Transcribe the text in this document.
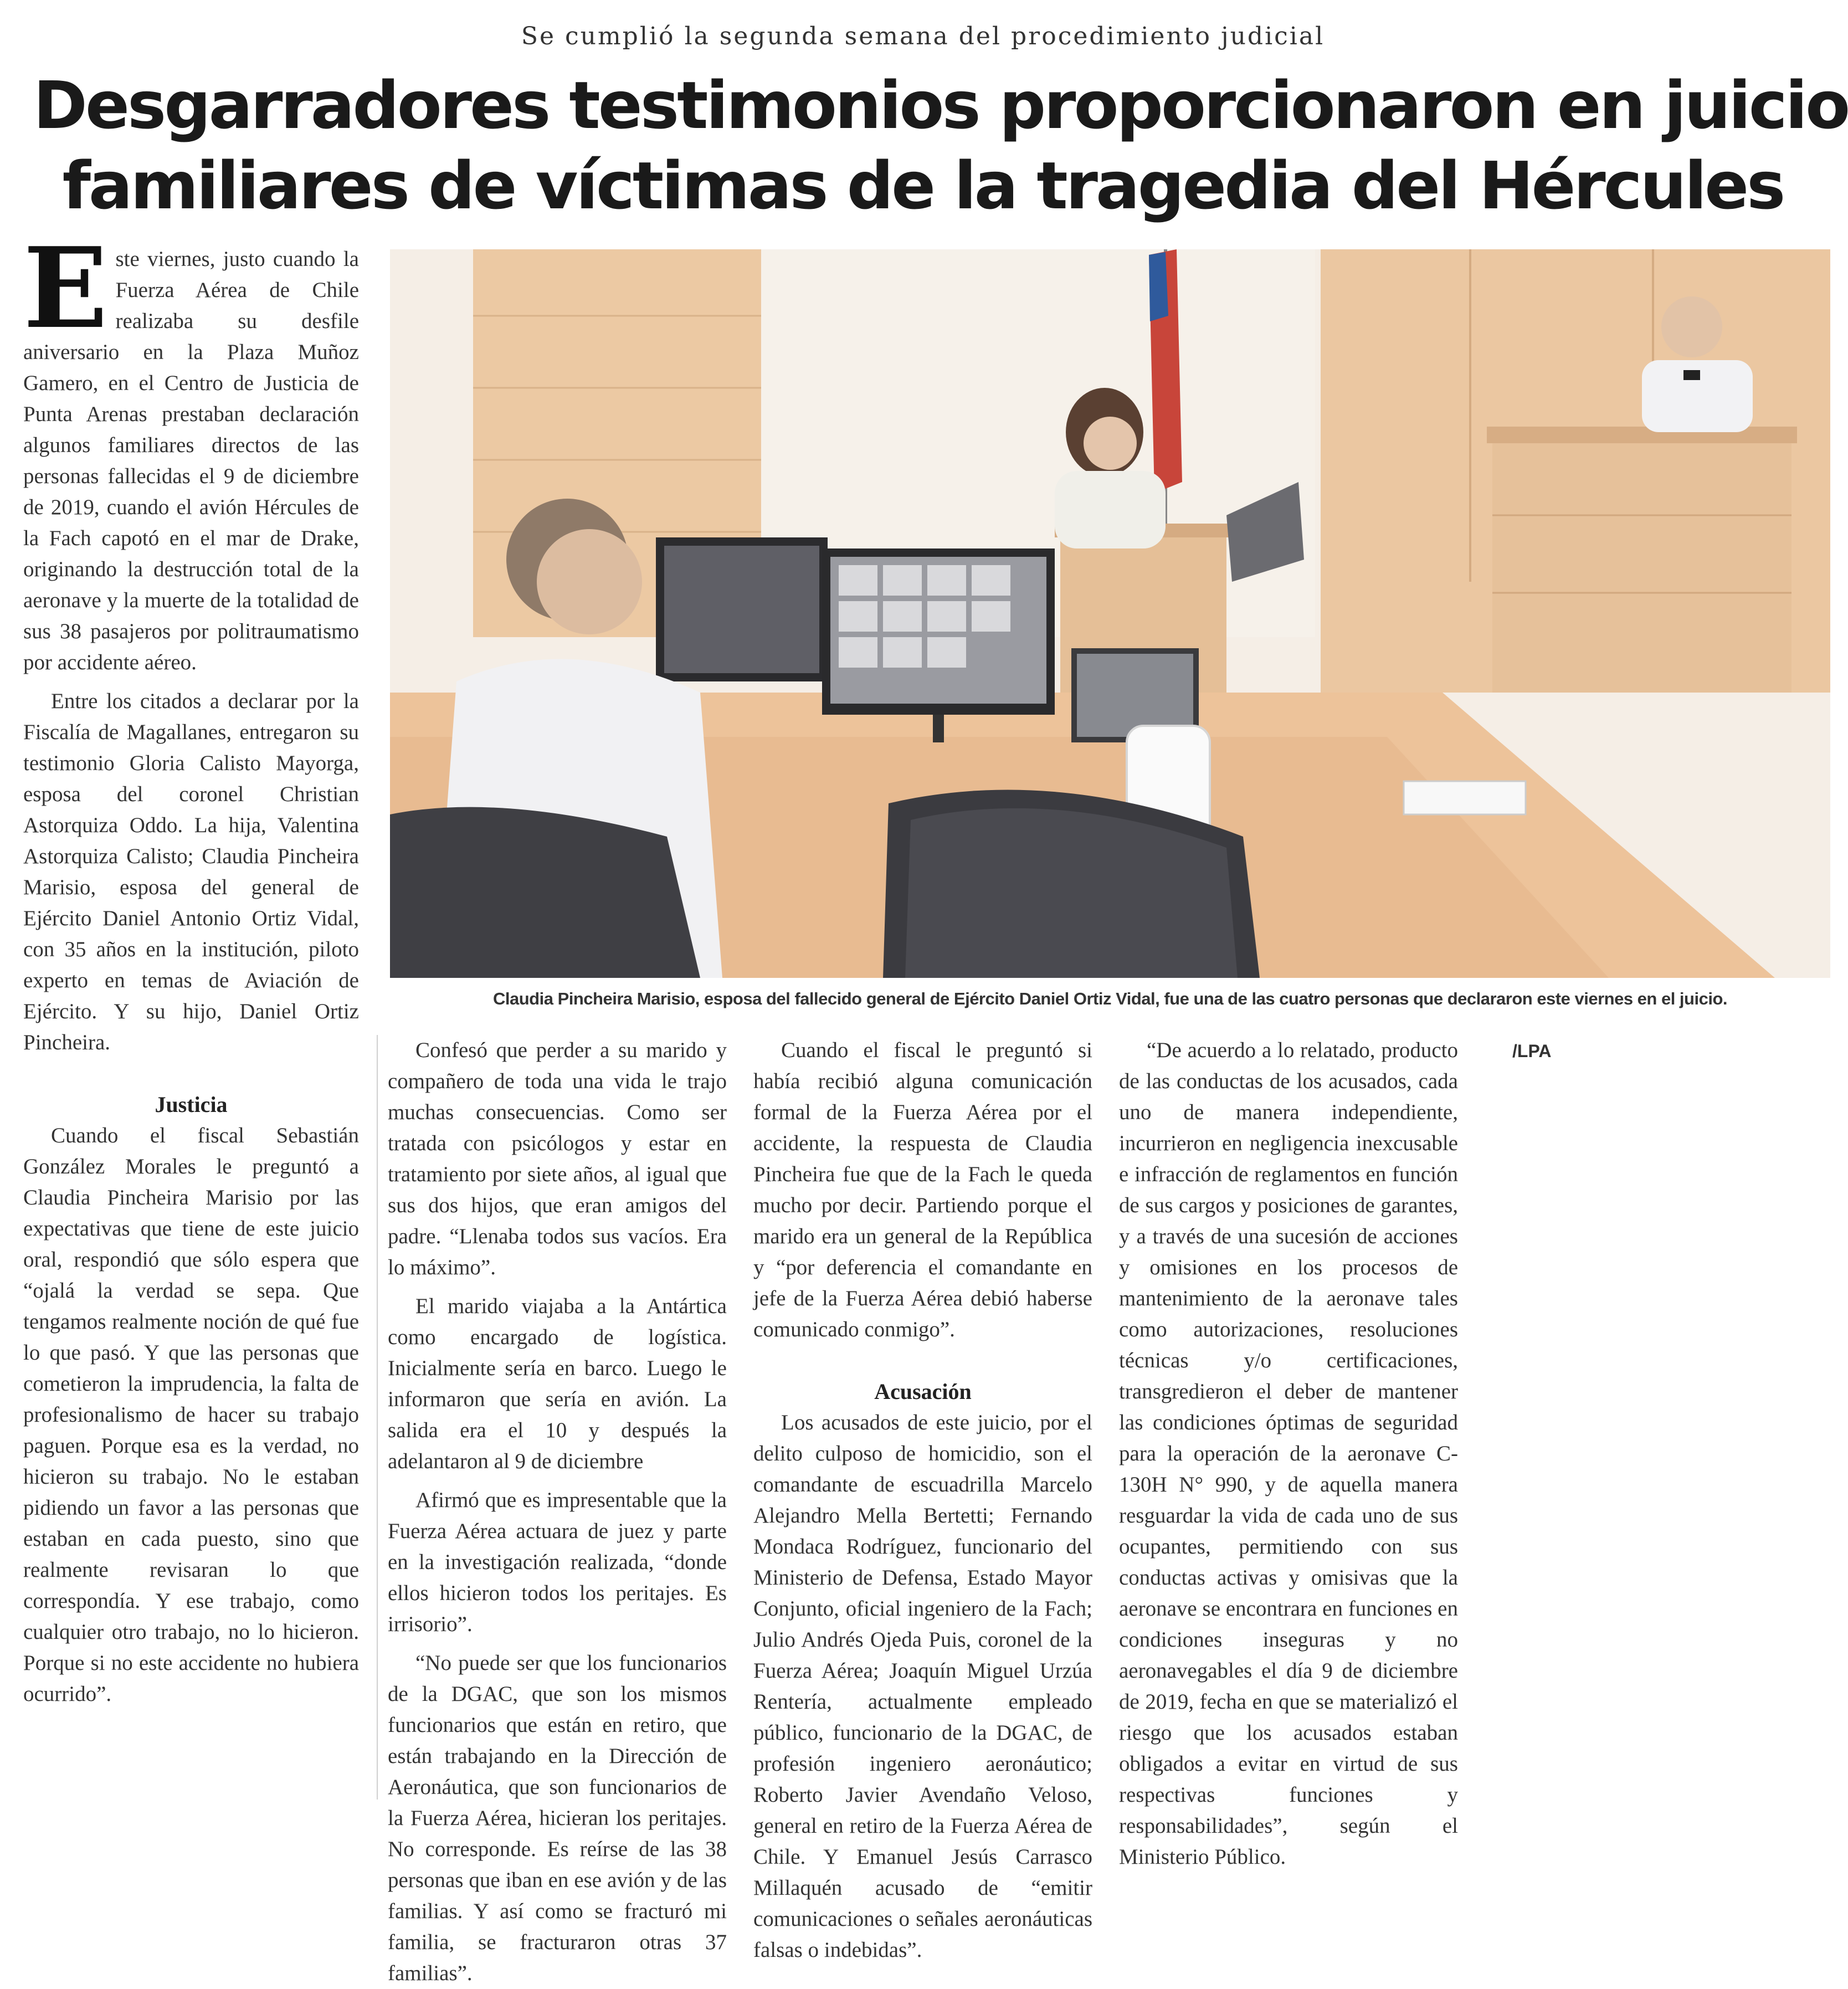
Se cumplió la segunda semana del procedimiento judicial
Desgarradores testimonios proporcionaron en juicio
familiares de víctimas de la tragedia del Hércules
E ste viernes, justo cuando la Fuerza Aérea de Chile realizaba su desfile aniversario en la Plaza Muñoz Gamero, en el Centro de Justicia de Punta Arenas prestaban declaración algunos familiares directos de las personas fallecidas el 9 de diciembre de 2019, cuando el avión Hércules de la Fach capotó en el mar de Drake, originando la destrucción total de la aeronave y la muerte de la totalidad de sus 38 pasajeros por politraumatismo por accidente aéreo.

Entre los citados a declarar por la Fiscalía de Magallanes, entregaron su testimonio Gloria Calisto Mayorga, esposa del coronel Christian Astorquiza Oddo. La hija, Valentina Astorquiza Calisto; Claudia Pincheira Marisio, esposa del general de Ejército Daniel Antonio Ortiz Vidal, con 35 años en la institución, piloto experto en temas de Aviación de Ejército. Y su hijo, Daniel Ortiz Pincheira.

Justicia

Cuando el fiscal Sebastián González Morales le preguntó a Claudia Pincheira Marisio por las expectativas que tiene de este juicio oral, respondió que sólo espera que “ojalá la verdad se sepa. Que tengamos realmente noción de qué fue lo que pasó. Y que las personas que cometieron la imprudencia, la falta de profesionalismo de hacer su trabajo paguen. Porque esa es la verdad, no hicieron su trabajo. No le estaban pidiendo un favor a las personas que estaban en cada puesto, sino que realmente revisaran lo que correspondía. Y ese trabajo, como cualquier otro trabajo, no lo hicieron. Porque si no este accidente no hubiera ocurrido”.

Claudia Pincheira Marisio, esposa del fallecido general de Ejército Daniel Ortiz Vidal, fue una de las cuatro personas que declararon este viernes en el juicio.

Confesó que perder a su marido y compañero de toda una vida le trajo muchas consecuencias. Como ser tratada con psicólogos y estar en tratamiento por siete años, al igual que sus dos hijos, que eran amigos del padre. “Llenaba todos sus vacíos. Era lo máximo”.

El marido viajaba a la Antártica como encargado de logística. Inicialmente sería en barco. Luego le informaron que sería en avión. La salida era el 10 y después la adelantaron al 9 de diciembre

Afirmó que es impresentable que la Fuerza Aérea actuara de juez y parte en la investigación realizada, “donde ellos hicieron todos los peritajes. Es irrisorio”.

“No puede ser que los funcionarios de la DGAC, que son los mismos funcionarios que están en retiro, que están trabajando en la Dirección de Aeronáutica, que son funcionarios de la Fuerza Aérea, hicieran los peritajes. No corresponde. Es reírse de las 38 personas que iban en ese avión y de las familias. Y así como se fracturó mi familia, se fracturaron otras 37 familias”.

Cuando el fiscal le preguntó si había recibió alguna comunicación formal de la Fuerza Aérea por el accidente, la respuesta de Claudia Pincheira fue que de la Fach le queda mucho por decir. Partiendo porque el marido era un general de la República y “por deferencia el comandante en jefe de la Fuerza Aérea debió haberse comunicado conmigo”.

Acusación

Los acusados de este juicio, por el delito culposo de homicidio, son el comandante de escuadrilla Marcelo Alejandro Mella Bertetti; Fernando Mondaca Rodríguez, funcionario del Ministerio de Defensa, Estado Mayor Conjunto, oficial ingeniero de la Fach; Julio Andrés Ojeda Puis, coronel de la Fuerza Aérea; Joaquín Miguel Urzúa Rentería, actualmente empleado público, funcionario de la DGAC, de profesión ingeniero aeronáutico; Roberto Javier Avendaño Veloso, general en retiro de la Fuerza Aérea de Chile. Y Emanuel Jesús Carrasco Millaquén acusado de “emitir comunicaciones o señales aeronáuticas falsas o indebidas”.

“De acuerdo a lo relatado, producto de las conductas de los acusados, cada uno de manera independiente, incurrieron en negligencia inexcusable e infracción de reglamentos en función de sus cargos y posiciones de garantes, y a través de una sucesión de acciones y omisiones en los procesos de mantenimiento de la aeronave tales como autorizaciones, resoluciones técnicas y/o certificaciones, transgredieron el deber de mantener las condiciones óptimas de seguridad para la operación de la aeronave C-130H N° 990, y de aquella manera resguardar la vida de cada uno de sus ocupantes, permitiendo con sus conductas activas y omisivas que la aeronave se encontrara en funciones en condiciones inseguras y no aeronavegables el día 9 de diciembre de 2019, fecha en que se materializó el riesgo que los acusados estaban obligados a evitar en virtud de sus respectivas funciones y responsabilidades”, según el Ministerio Público.

/LPA
